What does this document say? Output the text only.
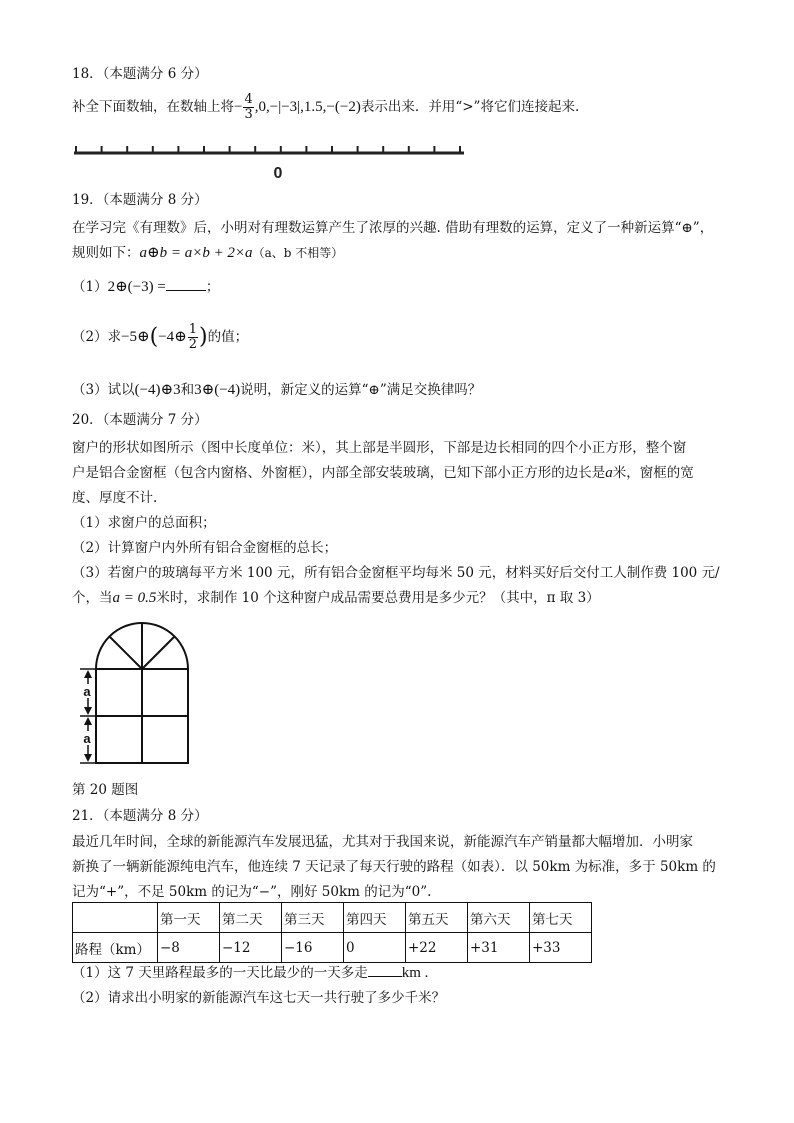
18．（本题满分 6 分）
补全下面数轴，在数轴上将− $\frac{4}{3} ,0,-|-3|,1.5,-(-2)$表示出来．并用“>”将它们连接起来.
0
19．（本题满分 8 分）
在学习完《有理数》后，小明对有理数运算产生了浓厚的兴趣. 借助有理数的运算，定义了一种新运算“⊕”，
规则如下：a⊕b = a×b + 2×a（a、b 不相等）
（1）2⊕(−3) =	；
（2）求−5⊕(−4⊕ $\frac{1}{2}$ )的值；
（3）试以(−4)⊕3和3⊕(−4)说明，新定义的运算“⊕”满足交换律吗？
20．（本题满分 7 分）
窗户的形状如图所示（图中长度单位：米），其上部是半圆形，下部是边长相同的四个小正方形，整个窗
户是铝合金窗框（包含内窗格、外窗框），内部全部安装玻璃，已知下部小正方形的边长是a米，窗框的宽
度、厚度不计.
（1）求窗户的总面积；
（2）计算窗户内外所有铝合金窗框的总长；
（3）若窗户的玻璃每平方米 100 元，所有铝合金窗框平均每米 50 元，材料买好后交付工人制作费 100 元/
个，当a = 0.5米时，求制作 10 个这种窗户成品需要总费用是多少元？（其中，π 取 3）
a
a
第 20 题图
21．（本题满分 8 分）
最近几年时间，全球的新能源汽车发展迅猛，尤其对于我国来说，新能源汽车产销量都大幅增加．小明家
新换了一辆新能源纯电汽车，他连续 7 天记录了每天行驶的路程（如表）．以 50km 为标准，多于 50km 的
记为“+”，不足 50km 的记为“−”，刚好 50km 的记为“0”.
	第一天	第二天	第三天	第四天	第五天	第六天	第七天
路程（km）	−8	−12	−16	0	+22	+31	+33
（1）这 7 天里路程最多的一天比最少的一天多走 km .
（2）请求出小明家的新能源汽车这七天一共行驶了多少千米？
